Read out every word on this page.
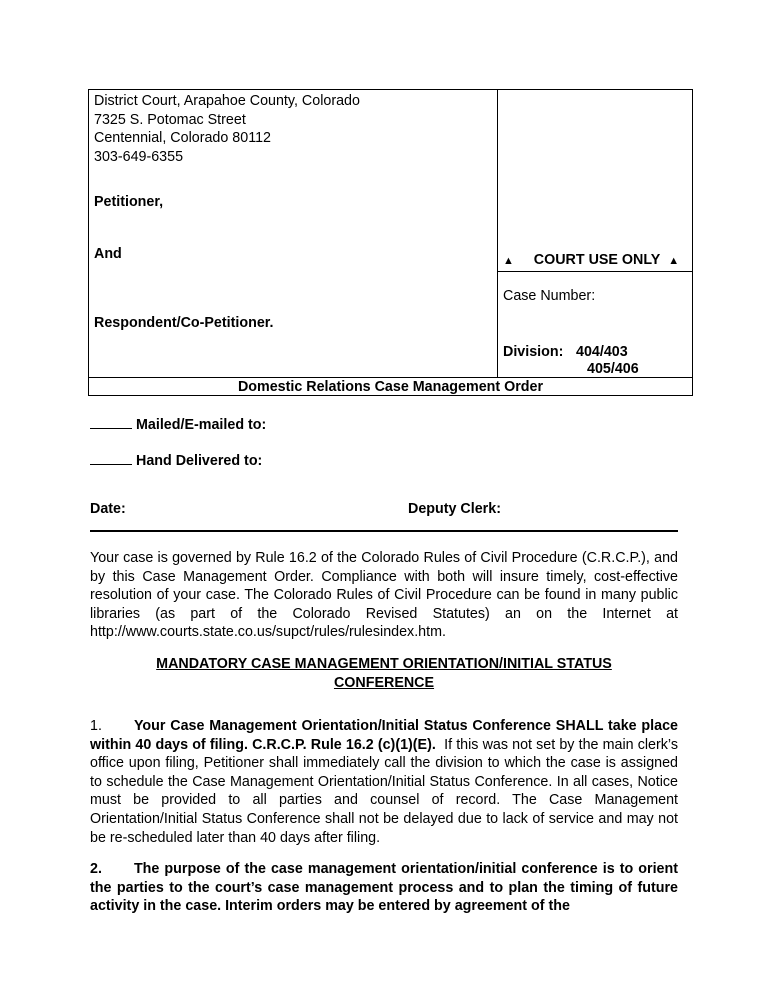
District Court, Arapahoe County, Colorado
7325 S. Potomac Street
Centennial, Colorado 80112
303-649-6355
Petitioner,
And
Respondent/Co-Petitioner.
▲ COURT USE ONLY ▲
Case Number:
Division: 404/403
405/406
Domestic Relations Case Management Order
Mailed/E-mailed to:
Hand Delivered to:
Date:	Deputy Clerk:
Your case is governed by Rule 16.2 of the Colorado Rules of Civil Procedure (C.R.C.P.), and by this Case Management Order. Compliance with both will insure timely, cost-effective resolution of your case. The Colorado Rules of Civil Procedure can be found in many public libraries (as part of the Colorado Revised Statutes) an on the Internet at http://www.courts.state.co.us/supct/rules/rulesindex.htm.
MANDATORY CASE MANAGEMENT ORIENTATION/INITIAL STATUS
CONFERENCE
1. Your Case Management Orientation/Initial Status Conference SHALL take place within 40 days of filing. C.R.C.P. Rule 16.2 (c)(1)(E). If this was not set by the main clerk’s office upon filing, Petitioner shall immediately call the division to which the case is assigned to schedule the Case Management Orientation/Initial Status Conference. In all cases, Notice must be provided to all parties and counsel of record. The Case Management Orientation/Initial Status Conference shall not be delayed due to lack of service and may not be re-scheduled later than 40 days after filing.
2. The purpose of the case management orientation/initial conference is to orient the parties to the court’s case management process and to plan the timing of future activity in the case. Interim orders may be entered by agreement of the
